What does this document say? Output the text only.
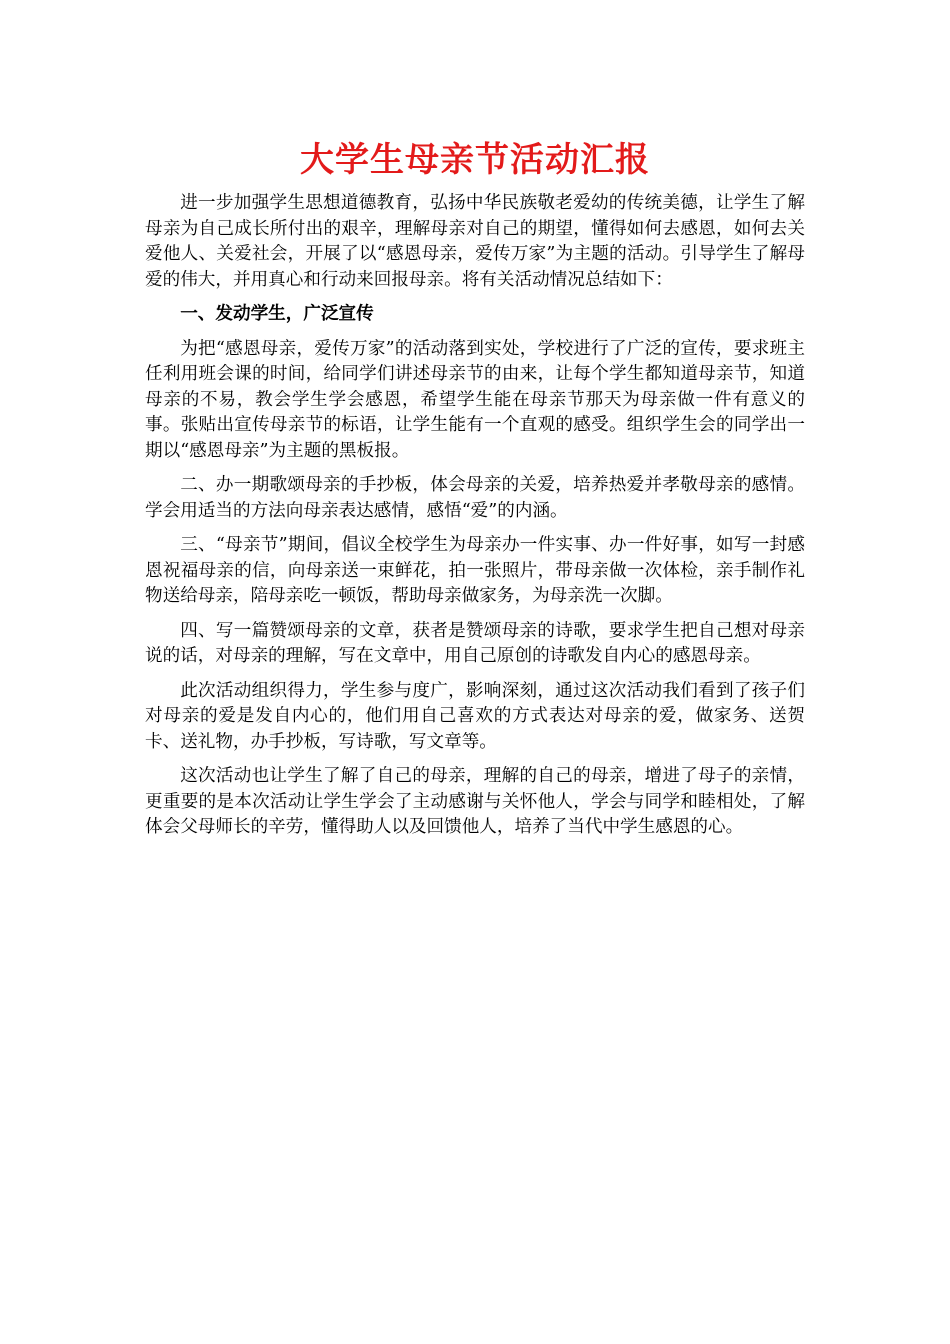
大学生母亲节活动汇报

进一步加强学生思想道德教育，弘扬中华民族敬老爱幼的传统美德，让学生了解母亲为自己成长所付出的艰辛，理解母亲对自己的期望，懂得如何去感恩，如何去关爱他人、关爱社会，开展了以“感恩母亲，爱传万家”为主题的活动。引导学生了解母爱的伟大，并用真心和行动来回报母亲。将有关活动情况总结如下：

一、发动学生，广泛宣传

为把“感恩母亲，爱传万家”的活动落到实处，学校进行了广泛的宣传，要求班主任利用班会课的时间，给同学们讲述母亲节的由来，让每个学生都知道母亲节，知道母亲的不易，教会学生学会感恩，希望学生能在母亲节那天为母亲做一件有意义的事。张贴出宣传母亲节的标语，让学生能有一个直观的感受。组织学生会的同学出一期以“感恩母亲”为主题的黑板报。

二、办一期歌颂母亲的手抄板，体会母亲的关爱，培养热爱并孝敬母亲的感情。学会用适当的方法向母亲表达感情，感悟“爱”的内涵。

三、“母亲节”期间，倡议全校学生为母亲办一件实事、办一件好事，如写一封感恩祝福母亲的信，向母亲送一束鲜花，拍一张照片，带母亲做一次体检，亲手制作礼物送给母亲，陪母亲吃一顿饭，帮助母亲做家务，为母亲洗一次脚。

四、写一篇赞颂母亲的文章，获者是赞颂母亲的诗歌，要求学生把自己想对母亲说的话，对母亲的理解，写在文章中，用自己原创的诗歌发自内心的感恩母亲。

此次活动组织得力，学生参与度广，影响深刻，通过这次活动我们看到了孩子们对母亲的爱是发自内心的，他们用自己喜欢的方式表达对母亲的爱，做家务、送贺卡、送礼物，办手抄板，写诗歌，写文章等。

这次活动也让学生了解了自己的母亲，理解的自己的母亲，增进了母子的亲情，更重要的是本次活动让学生学会了主动感谢与关怀他人，学会与同学和睦相处，了解体会父母师长的辛劳，懂得助人以及回馈他人，培养了当代中学生感恩的心。
